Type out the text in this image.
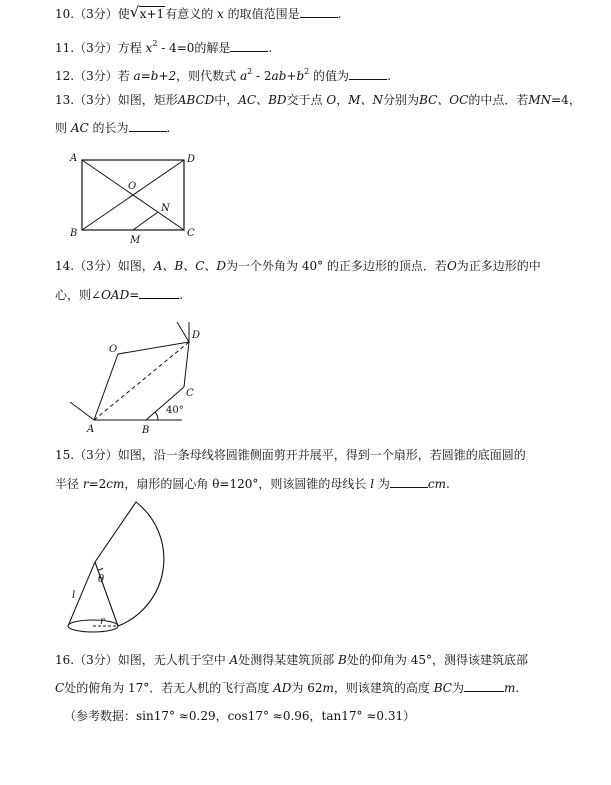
10.（3分）使 √ x+1有意义的 x 的取值范围是	.
11.（3分）方程 $x^2 - 4=0$的解是	.
12.（3分）若 a=b+2，则代数式 $a^2 - 2ab+b^2$ 的值为	.
13.（3分）如图，矩形ABCD中，AC、BD交于点 O，M、N分别为BC、OC的中点．若MN=4，
则 AC 的长为	.
A	D
B	C
O
N
M
14.（3分）如图，A、B、C、D为一个外角为 40° 的正多边形的顶点．若O为正多边形的中
心，则∠OAD=	.
O
D
C
A	B
40°
15.（3分）如图，沿一条母线将圆锥侧面剪开并展平，得到一个扇形，若圆锥的底面圆的
半径 r=2cm，扇形的圆心角 θ=120°，则该圆锥的母线长 l 为	cm.
θ
l
r
16.（3分）如图，无人机于空中 A处测得某建筑顶部 B处的仰角为 45°，测得该建筑底部
C处的俯角为 17°．若无人机的飞行高度 AD为 62m，则该建筑的高度 BC为	m.
（参考数据：sin17° ≈0.29，cos17° ≈0.96，tan17° ≈0.31）
